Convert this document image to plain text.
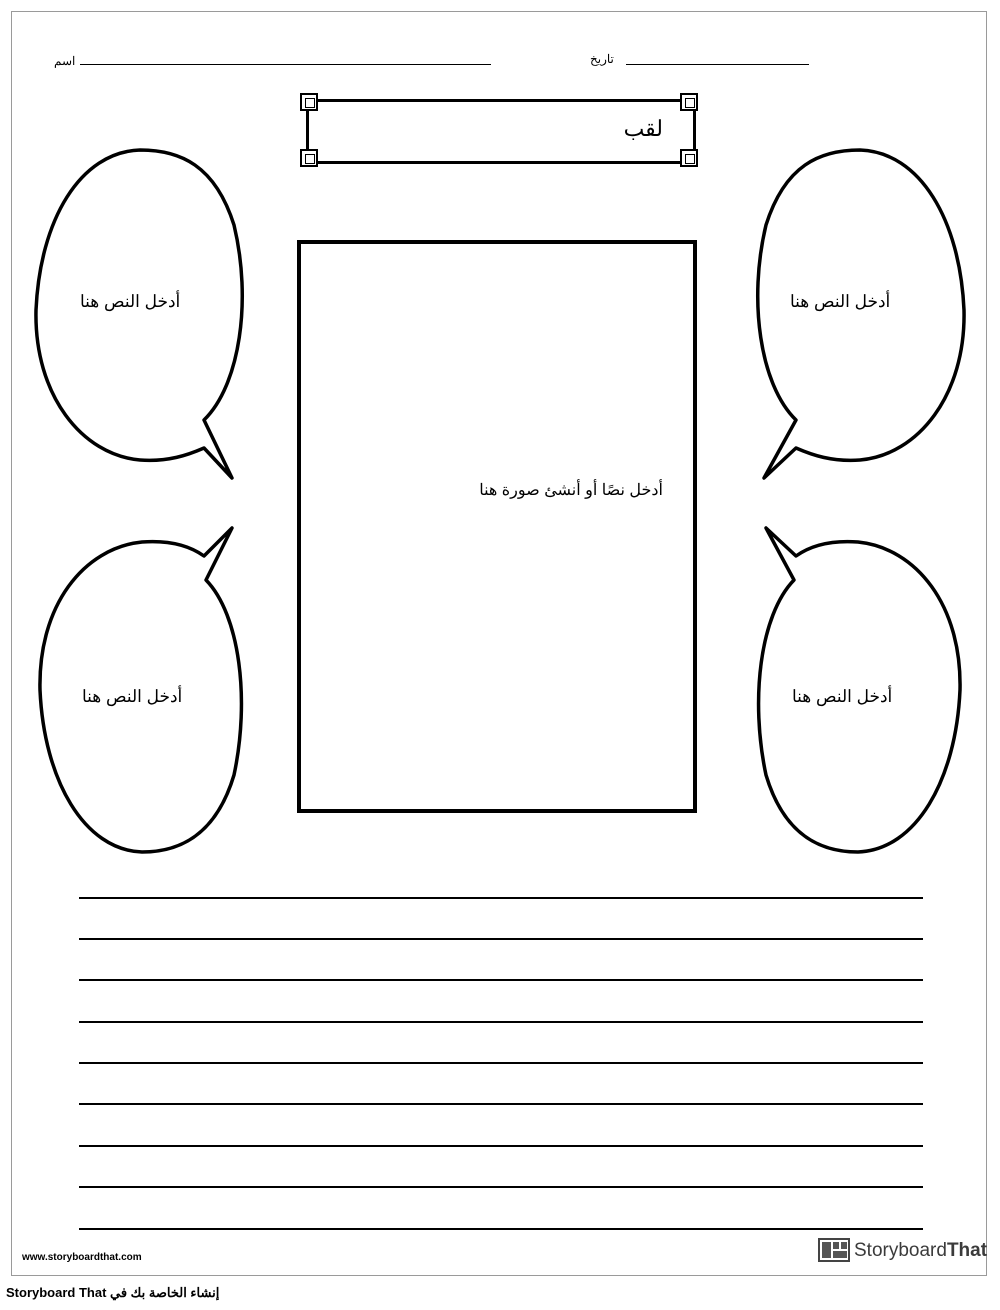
اسم	تاريخ
لقب
أدخل النص هنا	أدخل النص هنا
أدخل النص هنا	أدخل النص هنا
أدخل نصًا أو أنشئ صورة هنا
www.storyboardthat.com	StoryboardThat
إنشاء الخاصة بك في Storyboard That
